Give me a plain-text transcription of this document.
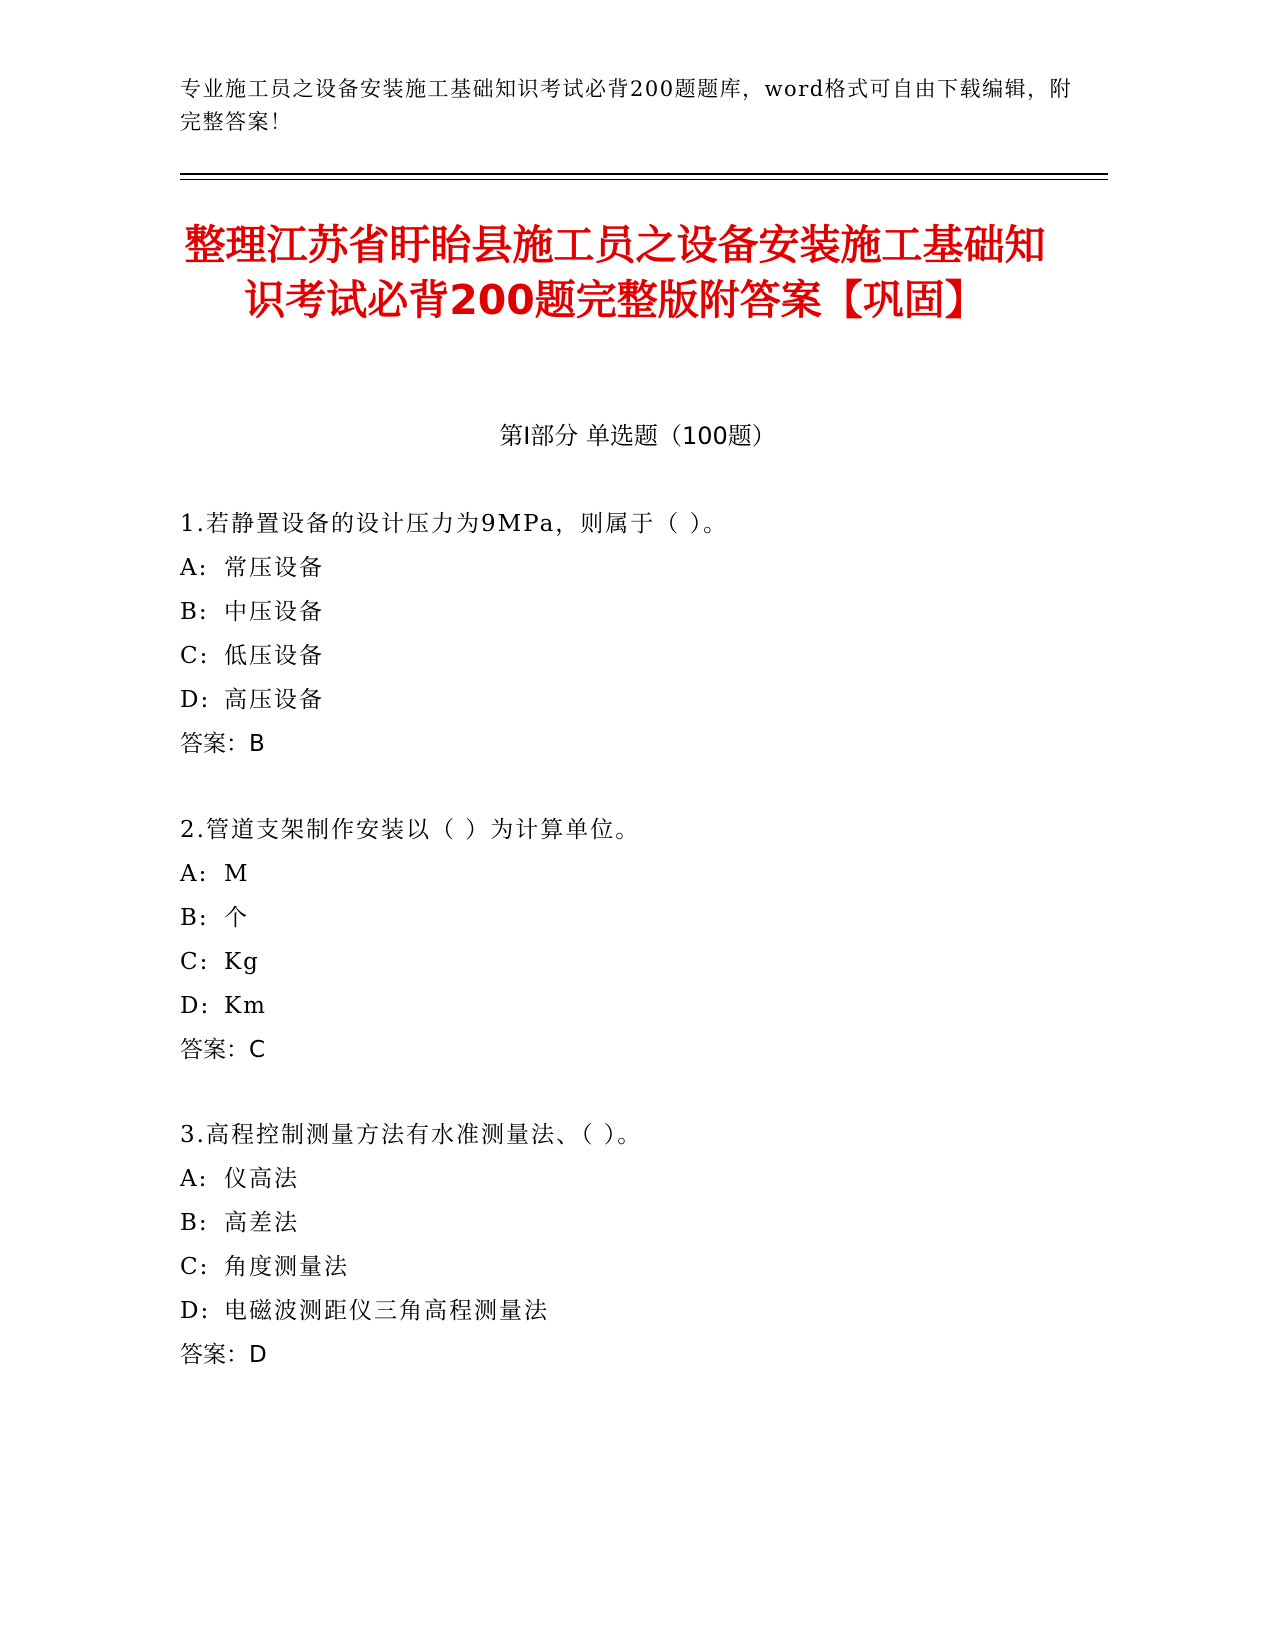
专业施工员之设备安装施工基础知识考试必背200题题库，word格式可自由下载编辑，附完整答案！
整理江苏省盱眙县施工员之设备安装施工基础知识考试必背200题完整版附答案【巩固】
第Ⅰ部分 单选题（100题）
1.若静置设备的设计压力为9MPa，则属于（ ）。
A: 常压设备
B: 中压设备
C: 低压设备
D: 高压设备
答案：B
2.管道支架制作安装以（ ）为计算单位。
A: M
B: 个
C: Kg
D: Km
答案：C
3.高程控制测量方法有水准测量法、（ ）。
A: 仪高法
B: 高差法
C: 角度测量法
D: 电磁波测距仪三角高程测量法
答案：D
